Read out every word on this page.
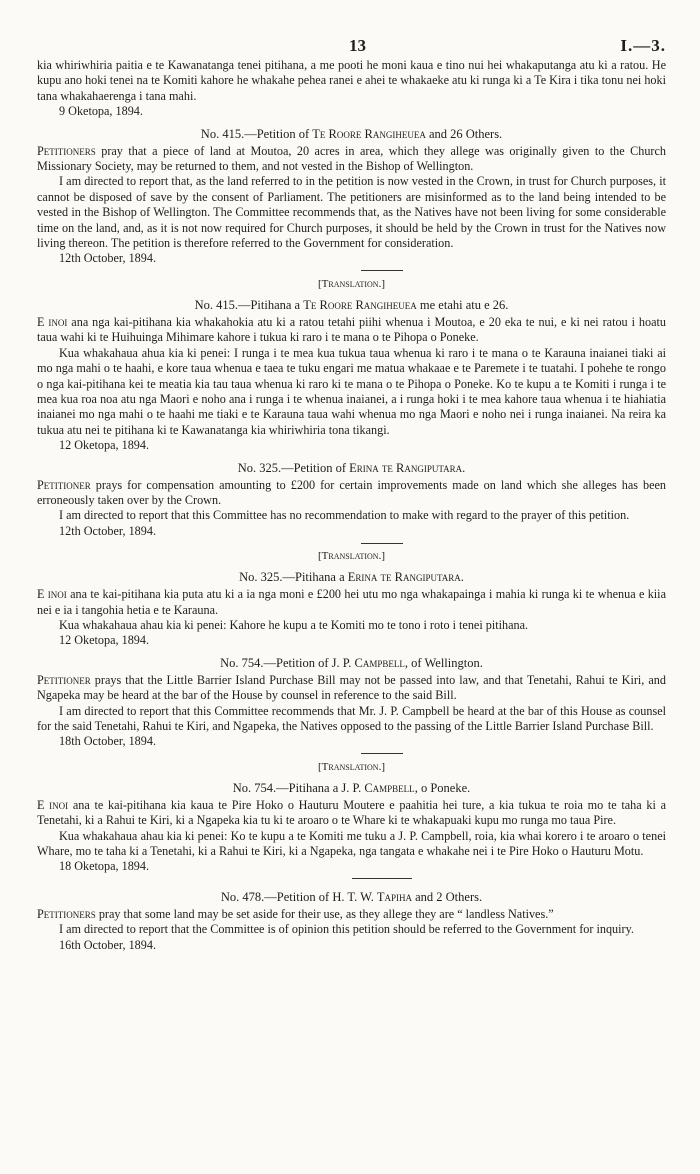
13	I.—3.

kia whiriwhiria paitia e te Kawanatanga tenei pitihana, a me pooti he moni kaua e tino nui hei whakaputanga atu ki a ratou. He kupu ano hoki tenei na te Komiti kahore he whakahe pehea ranei e ahei te whakaeke atu ki runga ki a Te Kira i tika tonu nei hoki tana whakahaerenga i tana mahi.

9 Oketopa, 1894.
No. 415.—Petition of Te Roore Rangiheuea and 26 Others.

Petitioners pray that a piece of land at Moutoa, 20 acres in area, which they allege was originally given to the Church Missionary Society, may be returned to them, and not vested in the Bishop of Wellington.

I am directed to report that, as the land referred to in the petition is now vested in the Crown, in trust for Church purposes, it cannot be disposed of save by the consent of Parliament. The petitioners are misinformed as to the land being intended to be vested in the Bishop of Wellington. The Committee recommends that, as the Natives have not been living for some considerable time on the land, and, as it is not now required for Church purposes, it should be held by the Crown in trust for the Natives now living thereon. The petition is therefore referred to the Government for consideration.

12th October, 1894.
[Translation.]
No. 415.—Pitihana a Te Roore Rangiheuea me etahi atu e 26.

E inoi ana nga kai-pitihana kia whakahokia atu ki a ratou tetahi piihi whenua i Moutoa, e 20 eka te nui, e ki nei ratou i hoatu taua wahi ki te Huihuinga Mihimare kahore i tukua ki raro i te mana o te Pihopa o Poneke.

Kua whakahaua ahua kia ki penei: I runga i te mea kua tukua taua whenua ki raro i te mana o te Karauna inaianei tiaki ai mo nga mahi o te haahi, e kore taua whenua e taea te tuku engari me matua whakaae e te Paremete i te tuatahi. I pohehe te rongo o nga kai-pitihana kei te meatia kia tau taua whenua ki raro ki te mana o te Pihopa o Poneke. Ko te kupu a te Komiti i runga i te mea kua roa noa atu nga Maori e noho ana i runga i te whenua inaianei, a i runga hoki i te mea kahore taua whenua i te hiahiatia inaianei mo nga mahi o te haahi me tiaki e te Karauna taua wahi whenua mo nga Maori e noho nei i runga inaianei. Na reira ka tukua atu nei te pitihana ki te Kawanatanga kia whiriwhiria tona tikangi.

12 Oketopa, 1894.
No. 325.—Petition of Erina te Rangiputara.

Petitioner prays for compensation amounting to £200 for certain improvements made on land which she alleges has been erroneously taken over by the Crown.

I am directed to report that this Committee has no recommendation to make with regard to the prayer of this petition.

12th October, 1894.
[Translation.]
No. 325.—Pitihana a Erina te Rangiputara.

E inoi ana te kai-pitihana kia puta atu ki a ia nga moni e £200 hei utu mo nga whakapainga i mahia ki runga ki te whenua e kiia nei e ia i tangohia hetia e te Karauna.

Kua whakahaua ahau kia ki penei: Kahore he kupu a te Komiti mo te tono i roto i tenei pitihana.

12 Oketopa, 1894.
No. 754.—Petition of J. P. Campbell, of Wellington.

Petitioner prays that the Little Barrier Island Purchase Bill may not be passed into law, and that Tenetahi, Rahui te Kiri, and Ngapeka may be heard at the bar of the House by counsel in reference to the said Bill.

I am directed to report that this Committee recommends that Mr. J. P. Campbell be heard at the bar of this House as counsel for the said Tenetahi, Rahui te Kiri, and Ngapeka, the Natives opposed to the passing of the Little Barrier Island Purchase Bill.

18th October, 1894.
[Translation.]
No. 754.—Pitihana a J. P. Campbell, o Poneke.

E inoi ana te kai-pitihana kia kaua te Pire Hoko o Hauturu Moutere e paahitia hei ture, a kia tukua te roia mo te taha ki a Tenetahi, ki a Rahui te Kiri, ki a Ngapeka kia tu ki te aroaro o te Whare ki te whakapuaki kupu mo runga mo taua Pire.

Kua whakahaua ahau kia ki penei: Ko te kupu a te Komiti me tuku a J. P. Campbell, roia, kia whai korero i te aroaro o tenei Whare, mo te taha ki a Tenetahi, ki a Rahui te Kiri, ki a Ngapeka, nga tangata e whakahe nei i te Pire Hoko o Hauturu Motu.

18 Oketopa, 1894.
No. 478.—Petition of H. T. W. Tapiha and 2 Others.

Petitioners pray that some land may be set aside for their use, as they allege they are “ landless Natives.”

I am directed to report that the Committee is of opinion this petition should be referred to the Government for inquiry.

16th October, 1894.
